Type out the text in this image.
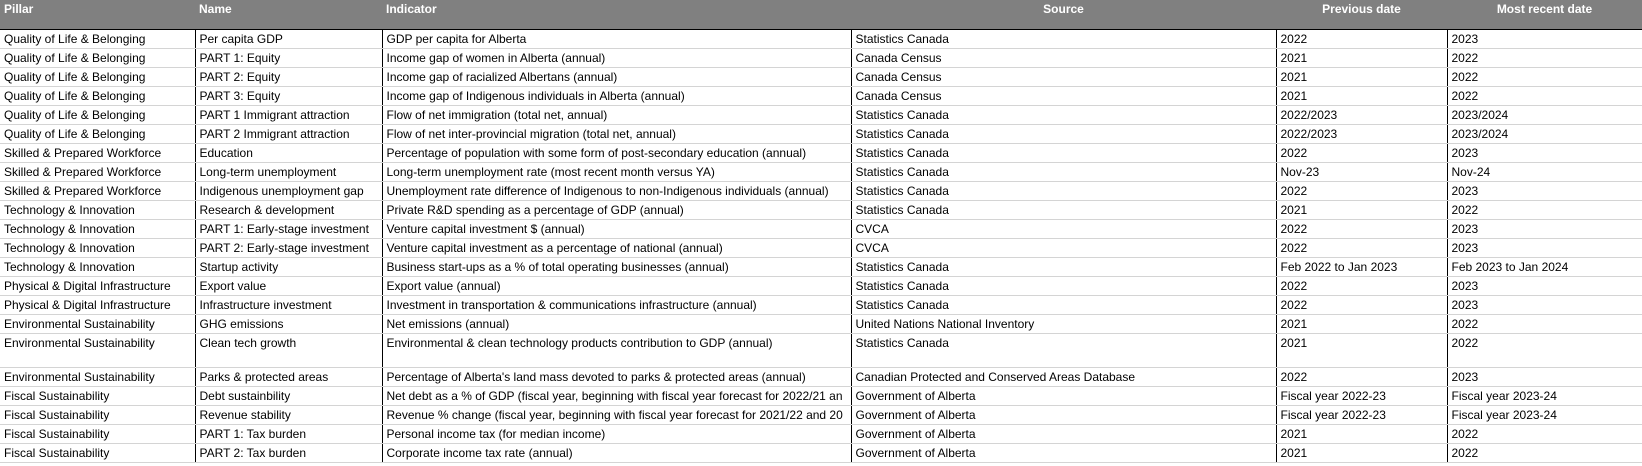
Pillar	Name	Indicator	Source	Previous date	Most recent date
Quality of Life & Belonging	Per capita GDP	GDP per capita for Alberta	Statistics Canada	2022	2023
Quality of Life & Belonging	PART 1: Equity	Income gap of women in Alberta (annual)	Canada Census	2021	2022
Quality of Life & Belonging	PART 2: Equity	Income gap of racialized Albertans (annual)	Canada Census	2021	2022
Quality of Life & Belonging	PART 3: Equity	Income gap of Indigenous individuals in Alberta (annual)	Canada Census	2021	2022
Quality of Life & Belonging	PART 1 Immigrant attraction	Flow of net immigration (total net, annual)	Statistics Canada	2022/2023	2023/2024
Quality of Life & Belonging	PART 2 Immigrant attraction	Flow of net inter-provincial migration (total net, annual)	Statistics Canada	2022/2023	2023/2024
Skilled & Prepared Workforce	Education	Percentage of population with some form of post-secondary education (annual)	Statistics Canada	2022	2023
Skilled & Prepared Workforce	Long-term unemployment	Long-term unemployment rate (most recent month versus YA)	Statistics Canada	Nov-23	Nov-24
Skilled & Prepared Workforce	Indigenous unemployment gap	Unemployment rate difference of Indigenous to non-Indigenous individuals (annual)	Statistics Canada	2022	2023
Technology & Innovation	Research & development	Private R&D spending as a percentage of GDP (annual)	Statistics Canada	2021	2022
Technology & Innovation	PART 1: Early-stage investment	Venture capital investment $ (annual)	CVCA	2022	2023
Technology & Innovation	PART 2: Early-stage investment	Venture capital investment as a percentage of national (annual)	CVCA	2022	2023
Technology & Innovation	Startup activity	Business start-ups as a % of total operating businesses (annual)	Statistics Canada	Feb 2022 to Jan 2023	Feb 2023 to Jan 2024
Physical & Digital Infrastructure	Export value	Export value (annual)	Statistics Canada	2022	2023
Physical & Digital Infrastructure	Infrastructure investment	Investment in transportation & communications infrastructure (annual)	Statistics Canada	2022	2023
Environmental Sustainability	GHG emissions	Net emissions (annual)	United Nations National Inventory	2021	2022
Environmental Sustainability	Clean tech growth	Environmental & clean technology products contribution to GDP (annual)	Statistics Canada	2021	2022
Environmental Sustainability	Parks & protected areas	Percentage of Alberta's land mass devoted to parks & protected areas (annual)	Canadian Protected and Conserved Areas Database	2022	2023
Fiscal Sustainability	Debt sustainbility	Net debt as a % of GDP (fiscal year, beginning with fiscal year forecast for 2022/21 an	Government of Alberta	Fiscal year 2022-23	Fiscal year 2023-24
Fiscal Sustainability	Revenue stability	Revenue % change (fiscal year, beginning with fiscal year forecast for 2021/22 and 20	Government of Alberta	Fiscal year 2022-23	Fiscal year 2023-24
Fiscal Sustainability	PART 1: Tax burden	Personal income tax (for median income)	Government of Alberta	2021	2022
Fiscal Sustainability	PART 2: Tax burden	Corporate income tax rate (annual)	Government of Alberta	2021	2022
